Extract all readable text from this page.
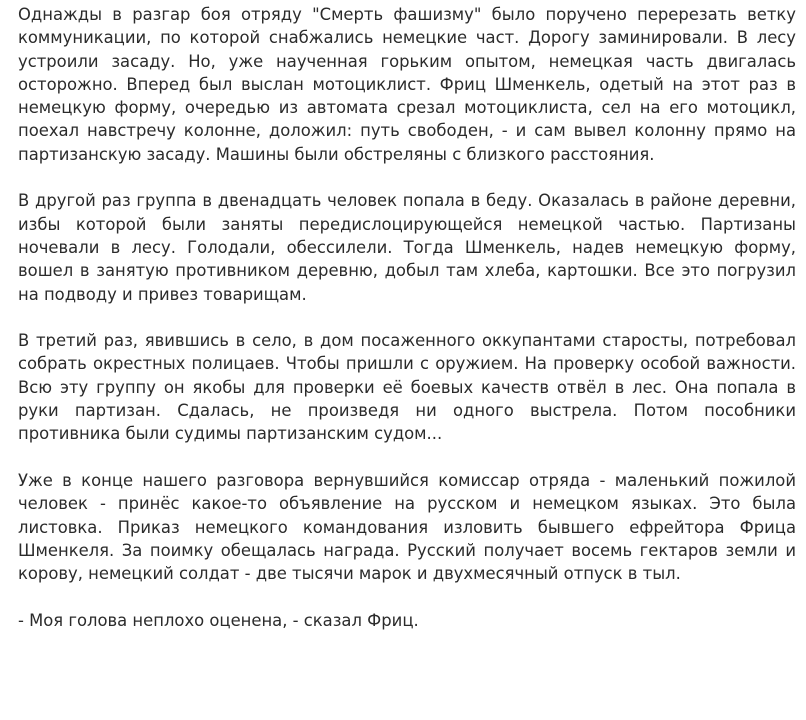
Однажды в разгар боя отряду "Смерть фашизму" было поручено перерезать ветку коммуникации, по которой снабжались немецкие част. Дорогу заминировали. В лесу устроили засаду. Но, уже наученная горьким опытом, немецкая часть двигалась осторожно. Вперед был выслан мотоциклист. Фриц Шменкель, одетый на этот раз в немецкую форму, очередью из автомата срезал мотоциклиста, сел на его мотоцикл, поехал навстречу колонне, доложил: путь свободен, - и сам вывел колонну прямо на партизанскую засаду. Машины были обстреляны с близкого расстояния.

В другой раз группа в двенадцать человек попала в беду. Оказалась в районе деревни, избы которой были заняты передислоцирующейся немецкой частью. Партизаны ночевали в лесу. Голодали, обессилели. Тогда Шменкель, надев немецкую форму, вошел в занятую противником деревню, добыл там хлеба, картошки. Все это погрузил на подводу и привез товарищам.

В третий раз, явившись в село, в дом посаженного оккупантами старосты, потребовал собрать окрестных полицаев. Чтобы пришли с оружием. На проверку особой важности. Всю эту группу он якобы для проверки её боевых качеств отвёл в лес. Она попала в руки партизан. Сдалась, не произведя ни одного выстрела. Потом пособники противника были судимы партизанским судом...

Уже в конце нашего разговора вернувшийся комиссар отряда - маленький пожилой человек - принёс какое-то объявление на русском и немецком языках. Это была листовка. Приказ немецкого командования изловить бывшего ефрейтора Фрица Шменкеля. За поимку обещалась награда. Русский получает восемь гектаров земли и корову, немецкий солдат - две тысячи марок и двухмесячный отпуск в тыл.

- Моя голова неплохо оценена, - сказал Фриц.
